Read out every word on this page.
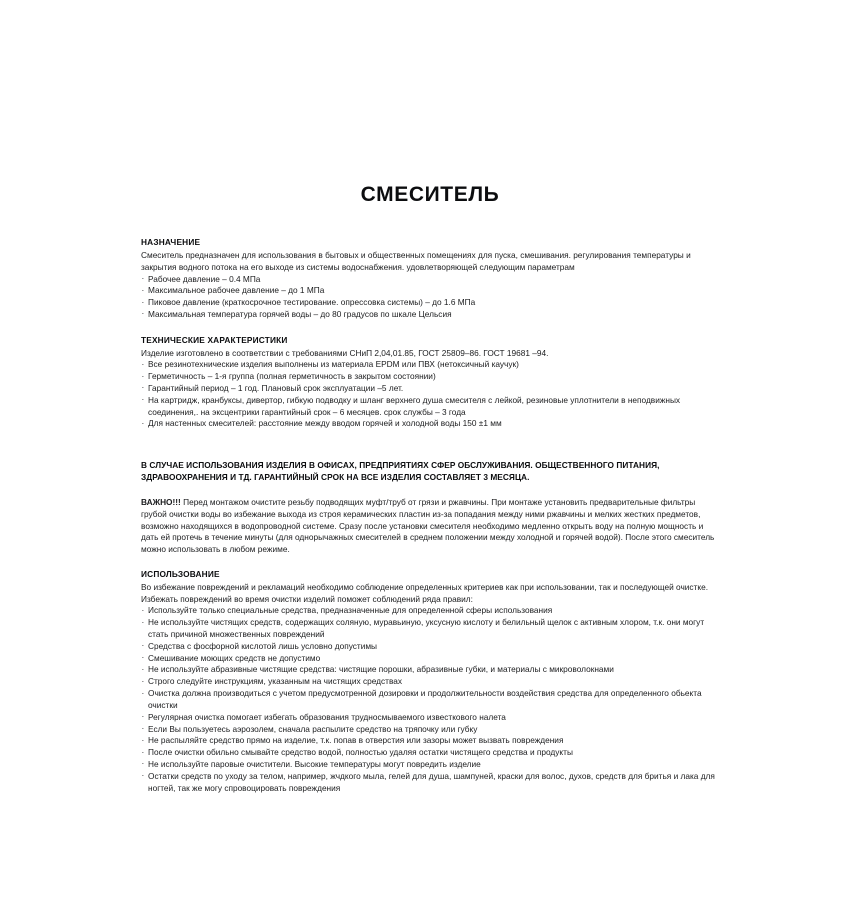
СМЕСИТЕЛЬ
НАЗНАЧЕНИЕ

Смеситель предназначен для использования в бытовых и общественных помещениях для пуска, смешивания. регулирования температуры и закрытия водного потока на его выходе из системы водоснабжения. удовлетворяющей следующим параметрам

· Рабочее давление – 0.4 МПа
· Максимальное рабочее давление – до 1 МПа
· Пиковое давление (краткосрочное тестирование. опрессовка системы) – до 1.6 МПа
· Максимальная температура горячей воды – до 80 градусов по шкале Цельсия
ТЕХНИЧЕСКИЕ ХАРАКТЕРИСТИКИ

Изделие изготовлено в соответствии с требованиями СНиП 2,04,01.85, ГОСТ 25809–86. ГОСТ 19681 –94.

· Все резинотехнические изделия выполнены из материала EPDM или ПВХ (нетоксичный каучук)
· Герметичность – 1-я группа (полная герметичность в закрытом состоянии)
· Гарантийный период – 1 год. Плановый срок эксплуатации –5 лет.
· На картридж, кранбуксы, дивертор, гибкую подводку и шланг верхнего душа смесителя с лейкой, резиновые уплотнители в неподвижных соединения,. на эксцентрики гарантийный срок – 6 месяцев. срок службы – 3 года
· Для настенных смесителей: расстояние между вводом горячей и холодной воды 150 ±1 мм

В СЛУЧАЕ ИСПОЛЬЗОВАНИЯ ИЗДЕЛИЯ В ОФИСАХ, ПРЕДПРИЯТИЯХ СФЕР ОБСЛУЖИВАНИЯ. ОБЩЕСТВЕННОГО ПИТАНИЯ, ЗДРАВООХРАНЕНИЯ И ТД. ГАРАНТИЙНЫЙ СРОК НА ВСЕ ИЗДЕЛИЯ СОСТАВЛЯЕТ 3 МЕСЯЦА.

ВАЖНО!!! Перед монтажом очистите резьбу подводящих муфт/труб от грязи и ржавчины. При монтаже установить предварительные фильтры грубой очистки воды во избежание выхода из строя керамических пластин из-за попадания между ними ржавчины и мелких жестких предметов, возможно находящихся в водопроводной системе. Сразу после установки смесителя необходимо медленно открыть воду на полную мощность и дать ей протечь в течение минуты (для однорычажных смесителей в среднем положении между холодной и горячей водой). После этого смеситель можно использовать в любом режиме.

ИСПОЛЬЗОВАНИЕ

Во избежание повреждений и рекламаций необходимо соблюдение определенных критериев как при использовании, так и последующей очистке. Избежать повреждений во время очистки изделий поможет соблюдений ряда правил:

· Используйте только специальные средства, предназначенные для определенной сферы использования
· Не используйте чистящих средств, содержащих соляную, муравьиную, уксусную кислоту и белильный щелок с активным хлором, т.к. они могут стать причиной множественных повреждений
· Средства с фосфорной кислотой лишь условно допустимы
· Смешивание моющих средств не допустимо
· Не используйте абразивные чистящие средства: чистящие порошки, абразивные губки, и материалы с микроволокнами
· Строго следуйте инструкциям, указанным на чистящих средствах
· Очистка должна производиться с учетом предусмотренной дозировки и продолжительности воздействия средства для определенного обьекта очистки
· Регулярная очистка помогает избегать образования трудносмываемого известкового налета
· Если Вы пользуетесь аэрозолем, сначала распылите средство на тряпочку или губку
· Не распыляйте средство прямо на изделие, т.к. попав в отверстия или зазоры может вызвать повреждения
· После очистки обильно смывайте средство водой, полностью удаляя остатки чистящего средства и продукты
· Не используйте паровые очистители. Высокие температуры могут повредить изделие
· Остатки средств по уходу за телом, например, жчдкого мыла, гелей для душа, шампуней, краски для волос, духов, средств для бритья и лака для ногтей, так же могу спровоцировать повреждения
